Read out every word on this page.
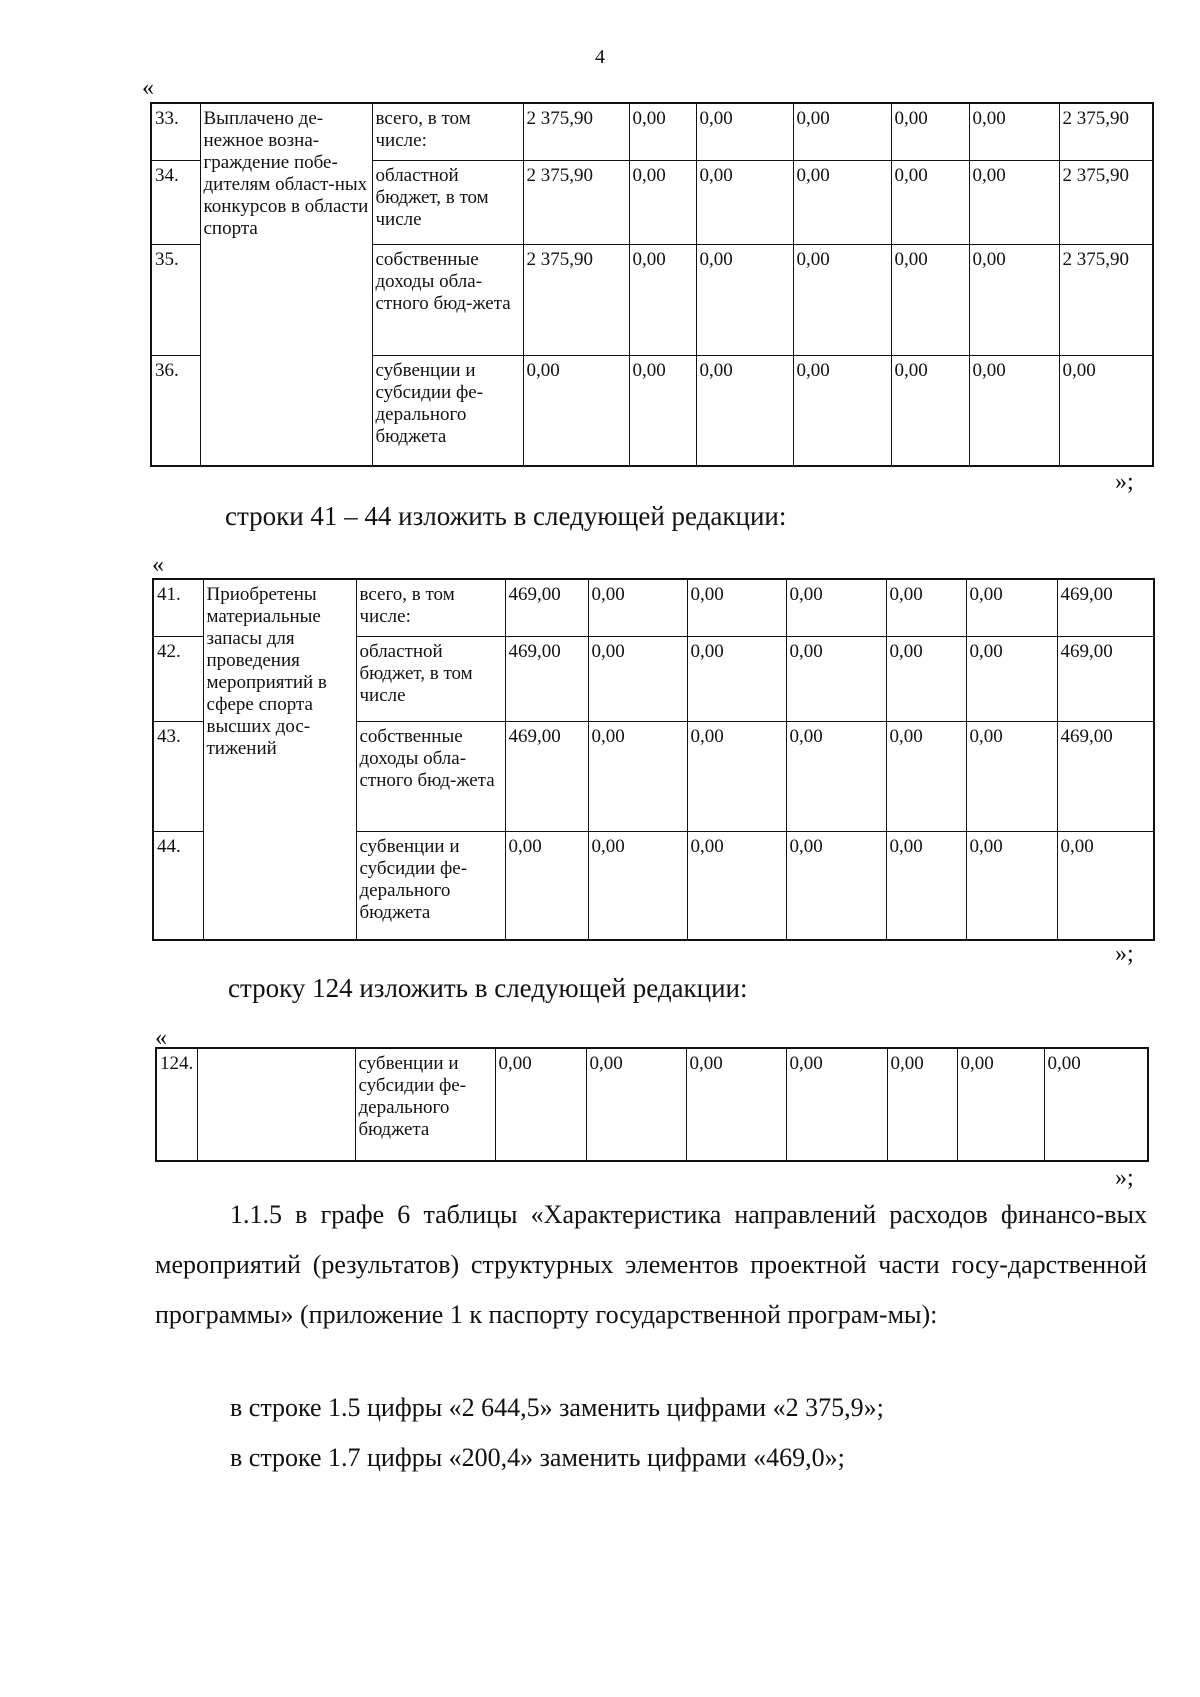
4
«
33.	Выплачено де-нежное возна-граждение побе-дителям област-ных конкурсов в области спорта	всего, в том числе:	2 375,90	0,00	0,00	0,00	0,00	0,00	2 375,90
34.		областной бюджет, в том числе	2 375,90	0,00	0,00	0,00	0,00	0,00	2 375,90
35.		собственные доходы обла-стного бюд-жета	2 375,90	0,00	0,00	0,00	0,00	0,00	2 375,90
36.		субвенции и субсидии фе-дерального бюджета	0,00	0,00	0,00	0,00	0,00	0,00	0,00
»;
строки 41 – 44 изложить в следующей редакции:
«
41.	Приобретены материальные запасы для проведения мероприятий в сфере спорта высших дос-тижений	всего, в том числе:	469,00	0,00	0,00	0,00	0,00	0,00	469,00
42.		областной бюджет, в том числе	469,00	0,00	0,00	0,00	0,00	0,00	469,00
43.		собственные доходы обла-стного бюд-жета	469,00	0,00	0,00	0,00	0,00	0,00	469,00
44.		субвенции и субсидии фе-дерального бюджета	0,00	0,00	0,00	0,00	0,00	0,00	0,00
»;
строку 124 изложить в следующей редакции:
«
124.		субвенции и субсидии фе-дерального бюджета	0,00	0,00	0,00	0,00	0,00	0,00	0,00
»;
1.1.5 в графе 6 таблицы «Характеристика направлений расходов финансо-вых мероприятий (результатов) структурных элементов проектной части госу-дарственной программы» (приложение 1 к паспорту государственной програм-мы):
в строке 1.5 цифры «2 644,5» заменить цифрами «2 375,9»;
в строке 1.7 цифры «200,4» заменить цифрами «469,0»;
